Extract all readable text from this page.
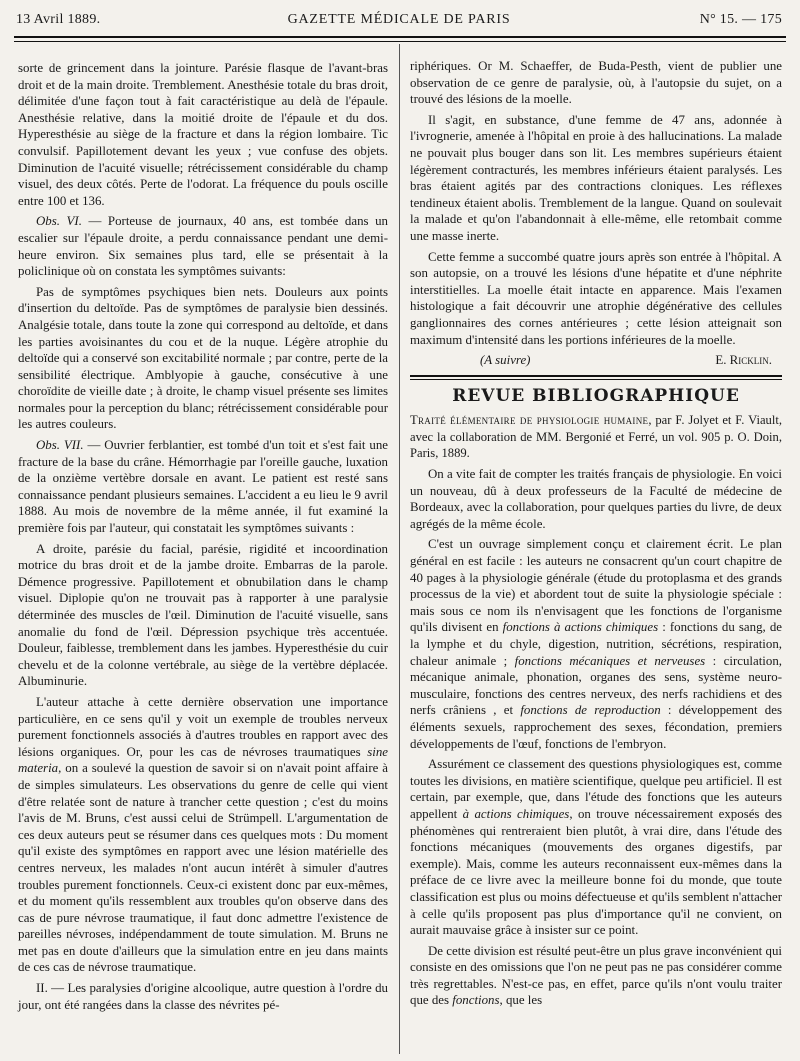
13 Avril 1889.	GAZETTE MÉDICALE DE PARIS	N° 15. — 175

sorte de grincement dans la jointure. Parésie flasque de l'avant-bras droit et de la main droite. Tremblement. Anesthésie totale du bras droit, délimitée d'une façon tout à fait caractéristique au delà de l'épaule. Anesthésie relative, dans la moitié droite de l'épaule et du dos. Hyperesthésie au siège de la fracture et dans la région lombaire. Tic convulsif. Papillotement devant les yeux ; vue confuse des objets. Diminution de l'acuité visuelle; rétrécissement considérable du champ visuel, des deux côtés. Perte de l'odorat. La fréquence du pouls oscille entre 100 et 136.

Obs. VI. — Porteuse de journaux, 40 ans, est tombée dans un escalier sur l'épaule droite, a perdu connaissance pendant une demi-heure environ. Six semaines plus tard, elle se présentait à la policlinique où on constata les symptômes suivants:

Pas de symptômes psychiques bien nets. Douleurs aux points d'insertion du deltoïde. Pas de symptômes de paralysie bien dessinés. Analgésie totale, dans toute la zone qui correspond au deltoïde, et dans les parties avoisinantes du cou et de la nuque. Légère atrophie du deltoïde qui a conservé son excitabilité normale ; par contre, perte de la sensibilité électrique. Amblyopie à gauche, consécutive à une choroïdite de vieille date ; à droite, le champ visuel présente ses limites normales pour la perception du blanc; rétrécissement considérable pour les autres couleurs.

Obs. VII. — Ouvrier ferblantier, est tombé d'un toit et s'est fait une fracture de la base du crâne. Hémorrhagie par l'oreille gauche, luxation de la onzième vertèbre dorsale en avant. Le patient est resté sans connaissance pendant plusieurs semaines. L'accident a eu lieu le 9 avril 1888. Au mois de novembre de la même année, il fut examiné la première fois par l'auteur, qui constatait les symptômes suivants :

A droite, parésie du facial, parésie, rigidité et incoordination motrice du bras droit et de la jambe droite. Embarras de la parole. Démence progressive. Papillotement et obnubilation dans le champ visuel. Diplopie qu'on ne trouvait pas à rapporter à une paralysie déterminée des muscles de l'œil. Diminution de l'acuité visuelle, sans anomalie du fond de l'œil. Dépression psychique très accentuée. Douleur, faiblesse, tremblement dans les jambes. Hyperesthésie du cuir chevelu et de la colonne vertébrale, au siège de la vertèbre déplacée. Albuminurie.

L'auteur attache à cette dernière observation une importance particulière, en ce sens qu'il y voit un exemple de troubles nerveux purement fonctionnels associés à d'autres troubles en rapport avec des lésions organiques. Or, pour les cas de névroses traumatiques sine materia, on a soulevé la question de savoir si on n'avait point affaire à de simples simulateurs. Les observations du genre de celle qui vient d'être relatée sont de nature à trancher cette question ; c'est du moins l'avis de M. Bruns, c'est aussi celui de Strümpell. L'argumentation de ces deux auteurs peut se résumer dans ces quelques mots : Du moment qu'il existe des symptômes en rapport avec une lésion matérielle des centres nerveux, les malades n'ont aucun intérêt à simuler d'autres troubles purement fonctionnels. Ceux-ci existent donc par eux-mêmes, et du moment qu'ils ressemblent aux troubles qu'on observe dans des cas de pure névrose traumatique, il faut donc admettre l'existence de pareilles névroses, indépendamment de toute simulation. M. Bruns ne met pas en doute d'ailleurs que la simulation entre en jeu dans maints de ces cas de névrose traumatique.

II. — Les paralysies d'origine alcoolique, autre question à l'ordre du jour, ont été rangées dans la classe des névrites pé-

riphériques. Or M. Schaeffer, de Buda-Pesth, vient de publier une observation de ce genre de paralysie, où, à l'autopsie du sujet, on a trouvé des lésions de la moelle.

Il s'agit, en substance, d'une femme de 47 ans, adonnée à l'ivrognerie, amenée à l'hôpital en proie à des hallucinations. La malade ne pouvait plus bouger dans son lit. Les membres supérieurs étaient légèrement contracturés, les membres inférieurs étaient paralysés. Les bras étaient agités par des contractions cloniques. Les réflexes tendineux étaient abolis. Tremblement de la langue. Quand on soulevait la malade et qu'on l'abandonnait à elle-même, elle retombait comme une masse inerte.

Cette femme a succombé quatre jours après son entrée à l'hôpital. A son autopsie, on a trouvé les lésions d'une hépatite et d'une néphrite interstitielles. La moelle était intacte en apparence. Mais l'examen histologique a fait découvrir une atrophie dégénérative des cellules ganglionnaires des cornes antérieures ; cette lésion atteignait son maximum d'intensité dans les portions inférieures de la moelle.

(A suivre)	E. Ricklin.
REVUE BIBLIOGRAPHIQUE

Traité élémentaire de physiologie humaine, par F. Jolyet et F. Viault, avec la collaboration de MM. Bergonié et Ferré, un vol. 905 p. O. Doin, Paris, 1889.

On a vite fait de compter les traités français de physiologie. En voici un nouveau, dû à deux professeurs de la Faculté de médecine de Bordeaux, avec la collaboration, pour quelques parties du livre, de deux agrégés de la même école.

C'est un ouvrage simplement conçu et clairement écrit. Le plan général en est facile : les auteurs ne consacrent qu'un court chapitre de 40 pages à la physiologie générale (étude du protoplasma et des grands processus de la vie) et abordent tout de suite la physiologie spéciale : mais sous ce nom ils n'envisagent que les fonctions de l'organisme qu'ils divisent en fonctions à actions chimiques : fonctions du sang, de la lymphe et du chyle, digestion, nutrition, sécrétions, respiration, chaleur animale ; fonctions mécaniques et nerveuses : circulation, mécanique animale, phonation, organes des sens, système neuro-musculaire, fonctions des centres nerveux, des nerfs rachidiens et des nerfs crâniens , et fonctions de reproduction : développement des éléments sexuels, rapprochement des sexes, fécondation, premiers développements de l'œuf, fonctions de l'embryon.

Assurément ce classement des questions physiologiques est, comme toutes les divisions, en matière scientifique, quelque peu artificiel. Il est certain, par exemple, que, dans l'étude des fonctions que les auteurs appellent à actions chimiques, on trouve nécessairement exposés des phénomènes qui rentreraient bien plutôt, à vrai dire, dans l'étude des fonctions mécaniques (mouvements des organes digestifs, par exemple). Mais, comme les auteurs reconnaissent eux-mêmes dans la préface de ce livre avec la meilleure bonne foi du monde, que toute classification est plus ou moins défectueuse et qu'ils semblent n'attacher à celle qu'ils proposent pas plus d'importance qu'il ne convient, on aurait mauvaise grâce à insister sur ce point.

De cette division est résulté peut-être un plus grave inconvénient qui consiste en des omissions que l'on ne peut pas ne pas considérer comme très regrettables. N'est-ce pas, en effet, parce qu'ils n'ont voulu traiter que des fonctions, que les
